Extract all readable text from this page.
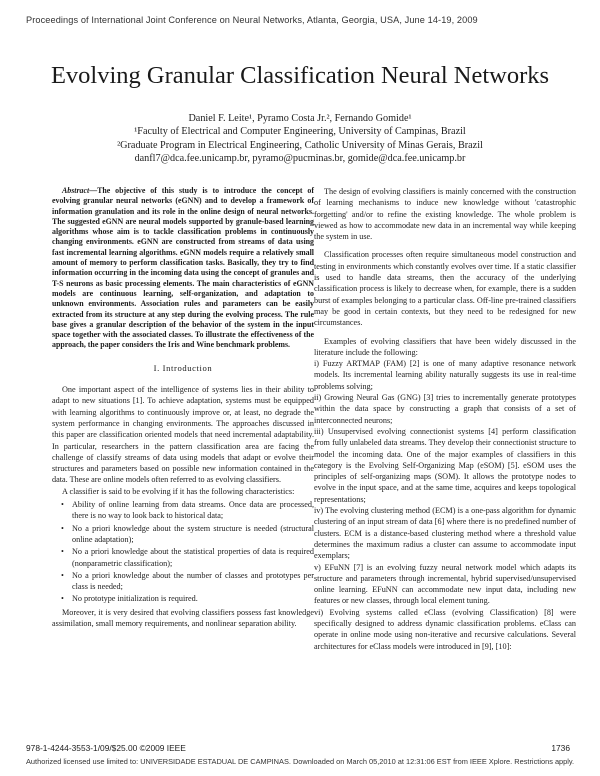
Proceedings of International Joint Conference on Neural Networks, Atlanta, Georgia, USA, June 14-19, 2009
Evolving Granular Classification Neural Networks
Daniel F. Leite¹, Pyramo Costa Jr.², Fernando Gomide¹
¹Faculty of Electrical and Computer Engineering, University of Campinas, Brazil
²Graduate Program in Electrical Engineering, Catholic University of Minas Gerais, Brazil
danfl7@dca.fee.unicamp.br, pyramo@pucminas.br, gomide@dca.fee.unicamp.br

Abstract—The objective of this study is to introduce the concept of evolving granular neural networks (eGNN) and to develop a framework of information granulation and its role in the online design of neural networks. The suggested eGNN are neural models supported by granule-based learning algorithms whose aim is to tackle classification problems in continuously changing environments. eGNN are constructed from streams of data using fast incremental learning algorithms. eGNN models require a relatively small amount of memory to perform classification tasks. Basically, they try to find information occurring in the incoming data using the concept of granules and T-S neurons as basic processing elements. The main characteristics of eGNN models are continuous learning, self-organization, and adaptation to unknown environments. Association rules and parameters can be easily extracted from its structure at any step during the evolving process. The rule base gives a granular description of the behavior of the system in the input space together with the associated classes. To illustrate the effectiveness of the approach, the paper considers the Iris and Wine benchmark problems.

I. Introduction

One important aspect of the intelligence of systems lies in their ability to adapt to new situations [1]. To achieve adaptation, systems must be equipped with learning algorithms to continuously improve or, at least, no degrade the system performance in changing environments. The approaches discussed in this paper are classification oriented models that need incremental adaptability. In particular, researchers in the pattern classification area are facing the challenge of classify streams of data using models that adapt or evolve their structures and parameters based on possible new information contained in the data. These are online models often referred to as evolving classifiers.

A classifier is said to be evolving if it has the following characteristics:

• Ability of online learning from data streams. Once data are processed, there is no way to look back to historical data;
• No a priori knowledge about the system structure is needed (structural online adaptation);
• No a priori knowledge about the statistical properties of data is required (nonparametric classification);
• No a priori knowledge about the number of classes and prototypes per class is needed;
• No prototype initialization is required.

Moreover, it is very desired that evolving classifiers possess fast knowledge assimilation, small memory requirements, and nonlinear separation ability.

The design of evolving classifiers is mainly concerned with the construction of learning mechanisms to induce new knowledge without 'catastrophic forgetting' and/or to refine the existing knowledge. The whole problem is viewed as how to accommodate new data in an incremental way while keeping the system in use.

Classification processes often require simultaneous model construction and testing in environments which constantly evolves over time. If a static classifier is used to handle data streams, then the accuracy of the underlying classification process is likely to decrease when, for example, there is a sudden burst of examples belonging to a particular class. Off-line pre-trained classifiers may be good in certain contexts, but they need to be redesigned for new circumstances.

Examples of evolving classifiers that have been widely discussed in the literature include the following:

i) Fuzzy ARTMAP (FAM) [2] is one of many adaptive resonance network models. Its incremental learning ability naturally suggests its use in real-time problems solving;

ii) Growing Neural Gas (GNG) [3] tries to incrementally generate prototypes within the data space by constructing a graph that consists of a set of interconnected neurons;

iii) Unsupervised evolving connectionist systems [4] perform classification from fully unlabeled data streams. They develop their connectionist structure to model the incoming data. One of the major examples of classifiers in this category is the Evolving Self-Organizing Map (eSOM) [5]. eSOM uses the principles of self-organizing maps (SOM). It allows the prototype nodes to evolve in the input space, and at the same time, acquires and keeps topological representations;

iv) The evolving clustering method (ECM) is a one-pass algorithm for dynamic clustering of an input stream of data [6] where there is no predefined number of clusters. ECM is a distance-based clustering method where a threshold value determines the maximum radius a cluster can assume to accommodate input exemplars;

v) EFuNN [7] is an evolving fuzzy neural network model which adapts its structure and parameters through incremental, hybrid supervised/unsupervised online learning. EFuNN can accommodate new input data, including new features or new classes, through local element tuning.

vi) Evolving systems called eClass (evolving Classification) [8] were specifically designed to address dynamic classification problems. eClass can operate in online mode using non-iterative and recursive calculations. Several architectures for eClass models were introduced in [9], [10]:

978-1-4244-3553-1/09/$25.00 ©2009 IEEE	1736
Authorized licensed use limited to: UNIVERSIDADE ESTADUAL DE CAMPINAS. Downloaded on March 05,2010 at 12:31:06 EST from IEEE Xplore. Restrictions apply.
